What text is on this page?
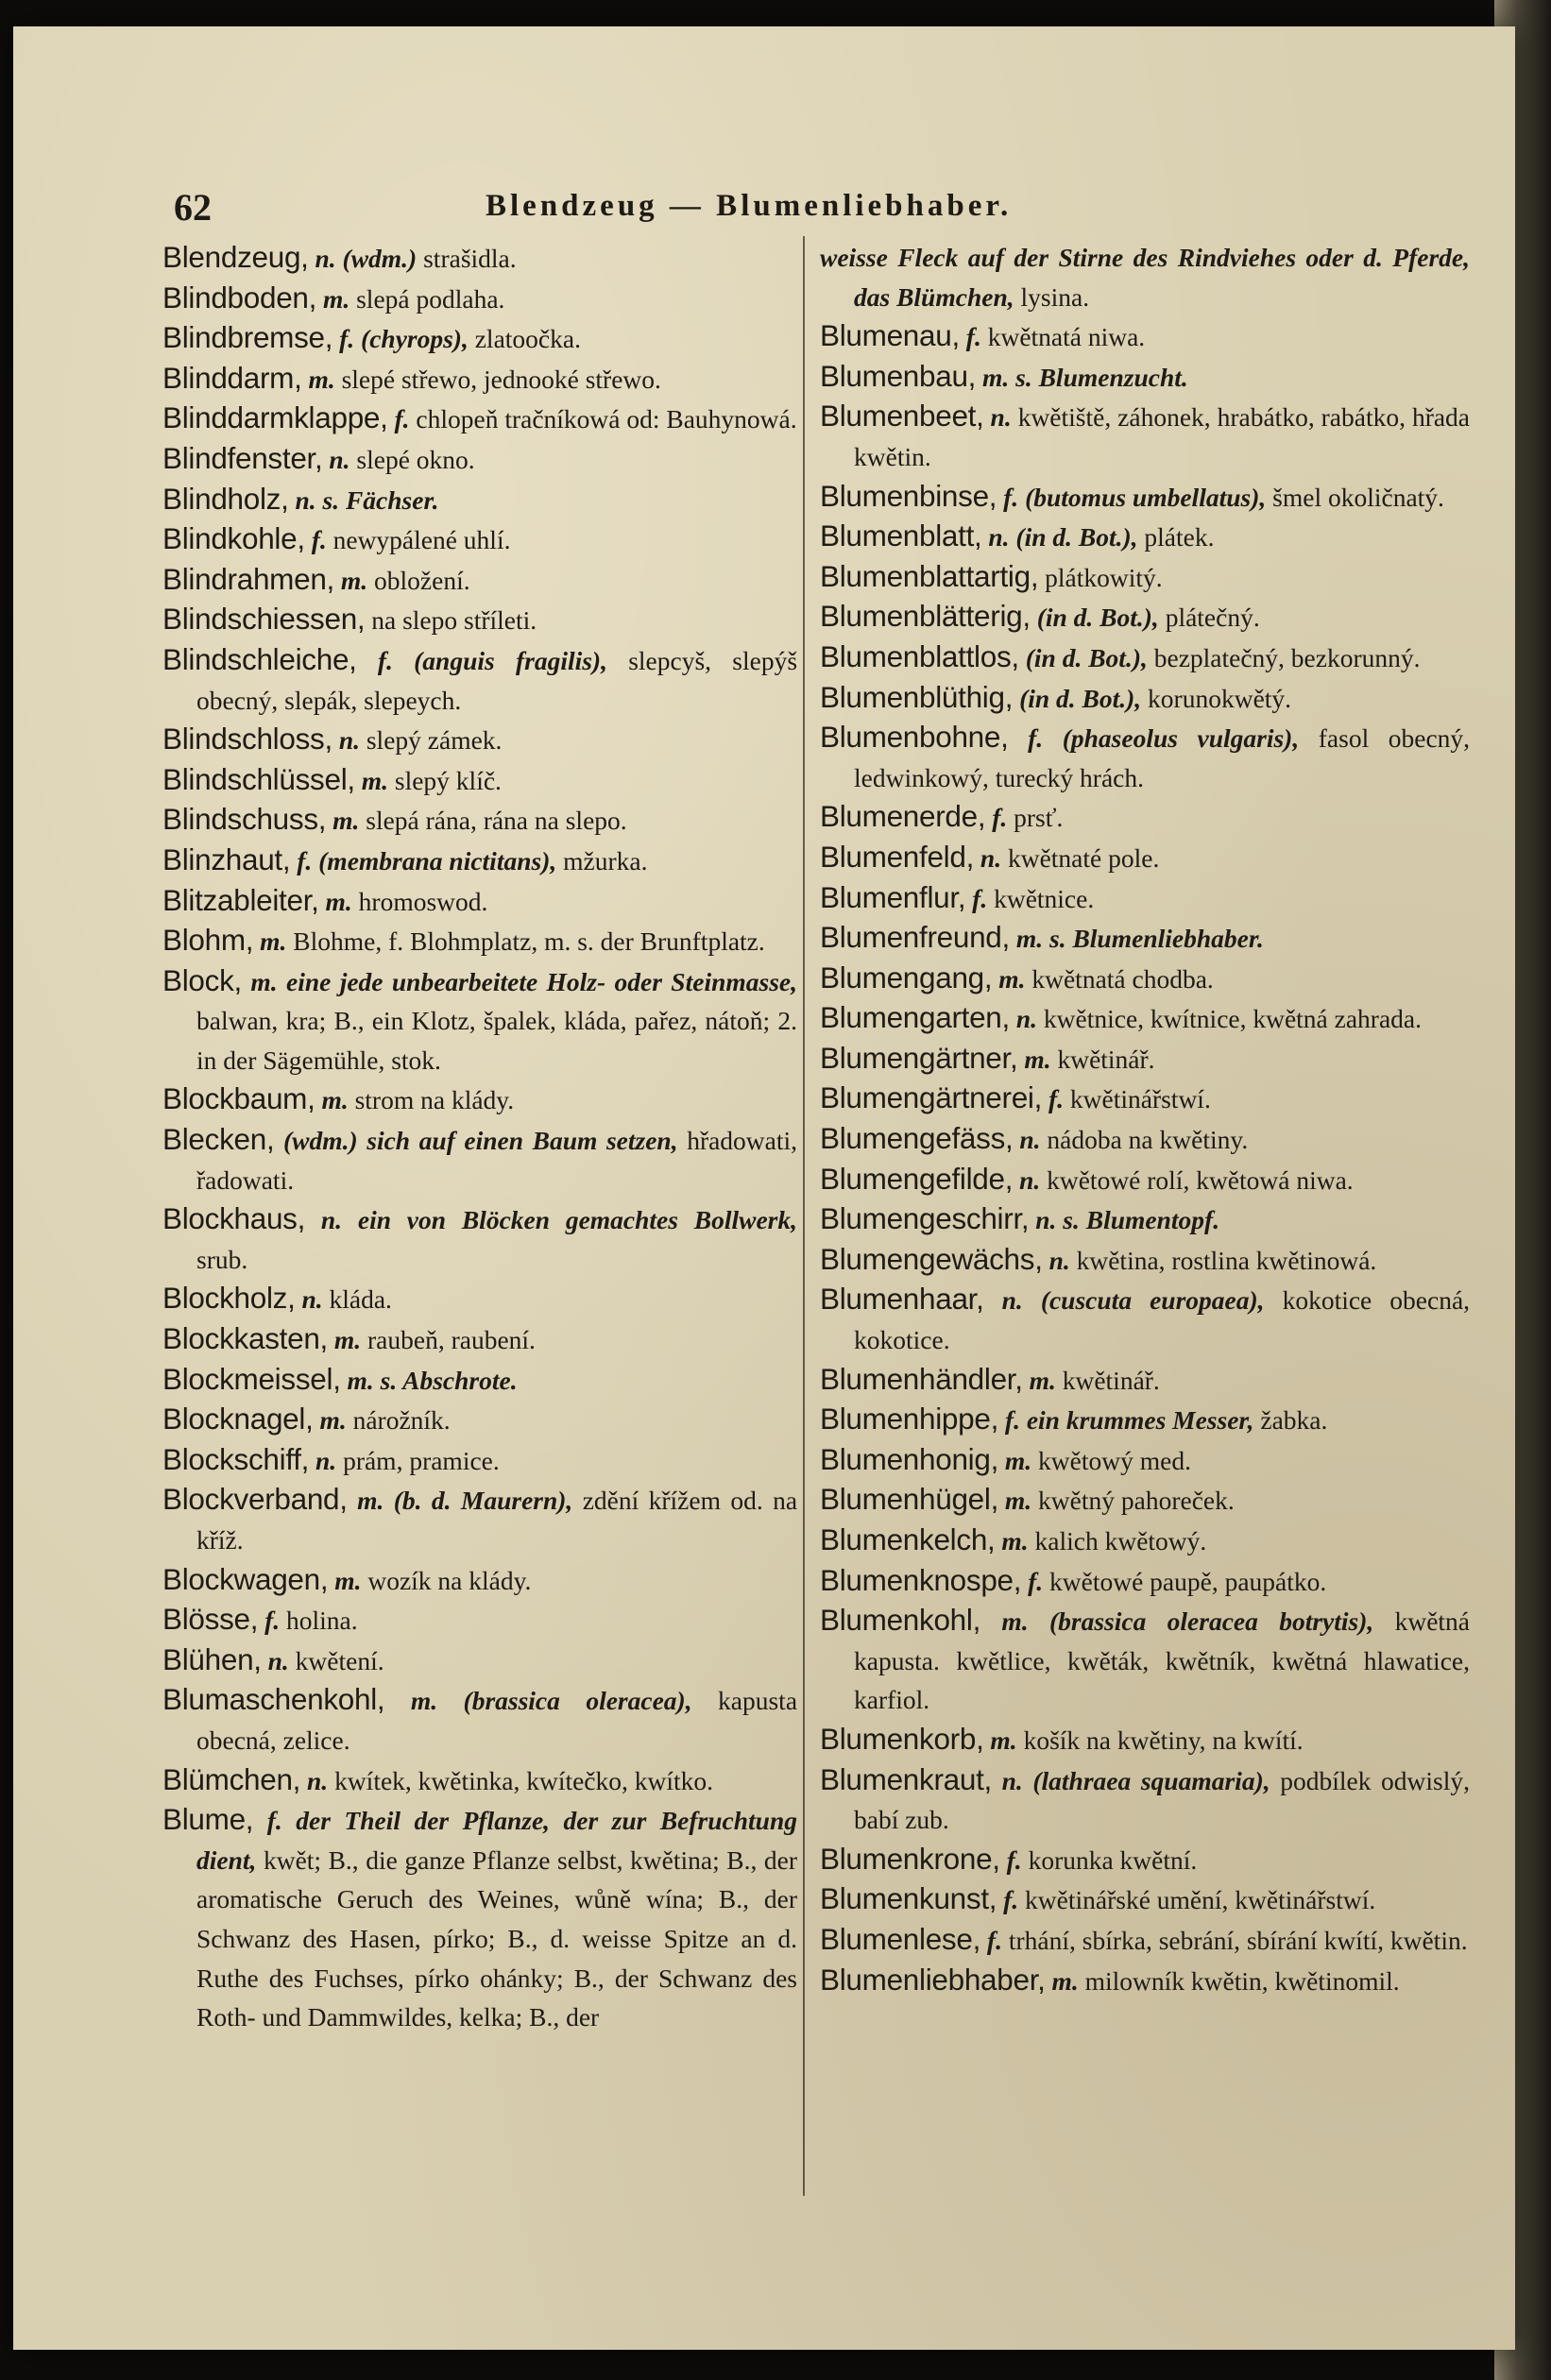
62	Blendzeug — Blumenliebhaber.

Blendzeug, n. (wdm.) strašidla.

Blindboden, m. slepá podlaha.

Blindbremse, f. (chyrops), zlatoočka.

Blinddarm, m. slepé střewo, jednooké střewo.

Blinddarmklappe, f. chlopeň tračníkowá od: Bauhynowá.

Blindfenster, n. slepé okno.

Blindholz, n. s. Fächser.

Blindkohle, f. newypálené uhlí.

Blindrahmen, m. obložení.

Blindschiessen, na slepo stříleti.

Blindschleiche, f. (anguis fragilis), slepcyš, slepýš obecný, slepák, slepeych.

Blindschloss, n. slepý zámek.

Blindschlüssel, m. slepý klíč.

Blindschuss, m. slepá rána, rána na slepo.

Blinzhaut, f. (membrana nictitans), mžurka.

Blitzableiter, m. hromoswod.

Blohm, m. Blohme, f. Blohmplatz, m. s. der Brunftplatz.

Block, m. eine jede unbearbeitete Holz- oder Steinmasse, balwan, kra; B., ein Klotz, špalek, kláda, pařez, nátoň; 2. in der Sägemühle, stok.

Blockbaum, m. strom na klády.

Blecken, (wdm.) sich auf einen Baum setzen, hřadowati, řadowati.

Blockhaus, n. ein von Blöcken gemachtes Bollwerk, srub.

Blockholz, n. kláda.

Blockkasten, m. raubeň, raubení.

Blockmeissel, m. s. Abschrote.

Blocknagel, m. nárožník.

Blockschiff, n. prám, pramice.

Blockverband, m. (b. d. Maurern), zdění křížem od. na kříž.

Blockwagen, m. wozík na klády.

Blösse, f. holina.

Blühen, n. kwětení.

Blumaschenkohl, m. (brassica oleracea), kapusta obecná, zelice.

Blümchen, n. kwítek, kwětinka, kwítečko, kwítko.

Blume, f. der Theil der Pflanze, der zur Befruchtung dient, kwět; B., die ganze Pflanze selbst, kwětina; B., der aromatische Geruch des Weines, wůně wína; B., der Schwanz des Hasen, pírko; B., d. weisse Spitze an d. Ruthe des Fuchses, pírko ohánky; B., der Schwanz des Roth- und Dammwildes, kelka; B., der

weisse Fleck auf der Stirne des Rindviehes oder d. Pferde, das Blümchen, lysina.

Blumenau, f. kwětnatá niwa.

Blumenbau, m. s. Blumenzucht.

Blumenbeet, n. kwětiště, záhonek, hrabátko, rabátko, hřada kwětin.

Blumenbinse, f. (butomus umbellatus), šmel okoličnatý.

Blumenblatt, n. (in d. Bot.), plátek.

Blumenblattartig, plátkowitý.

Blumenblätterig, (in d. Bot.), plátečný.

Blumenblattlos, (in d. Bot.), bezplatečný, bezkorunný.

Blumenblüthig, (in d. Bot.), korunokwětý.

Blumenbohne, f. (phaseolus vulgaris), fasol obecný, ledwinkowý, turecký hrách.

Blumenerde, f. prsť.

Blumenfeld, n. kwětnaté pole.

Blumenflur, f. kwětnice.

Blumenfreund, m. s. Blumenliebhaber.

Blumengang, m. kwětnatá chodba.

Blumengarten, n. kwětnice, kwítnice, kwětná zahrada.

Blumengärtner, m. kwětinář.

Blumengärtnerei, f. kwětinářstwí.

Blumengefäss, n. nádoba na kwětiny.

Blumengefilde, n. kwětowé rolí, kwětowá niwa.

Blumengeschirr, n. s. Blumentopf.

Blumengewächs, n. kwětina, rostlina kwětinowá.

Blumenhaar, n. (cuscuta europaea), kokotice obecná, kokotice.

Blumenhändler, m. kwětinář.

Blumenhippe, f. ein krummes Messer, žabka.

Blumenhonig, m. kwětowý med.

Blumenhügel, m. kwětný pahoreček.

Blumenkelch, m. kalich kwětowý.

Blumenknospe, f. kwětowé paupě, paupátko.

Blumenkohl, m. (brassica oleracea botrytis), kwětná kapusta. kwětlice, kwěták, kwětník, kwětná hlawatice, karfiol.

Blumenkorb, m. košík na kwětiny, na kwítí.

Blumenkraut, n. (lathraea squamaria), podbílek odwislý, babí zub.

Blumenkrone, f. korunka kwětní.

Blumenkunst, f. kwětinářské umění, kwětinářstwí.

Blumenlese, f. trhání, sbírka, sebrání, sbírání kwítí, kwětin.

Blumenliebhaber, m. milowník kwětin, kwětinomil.
